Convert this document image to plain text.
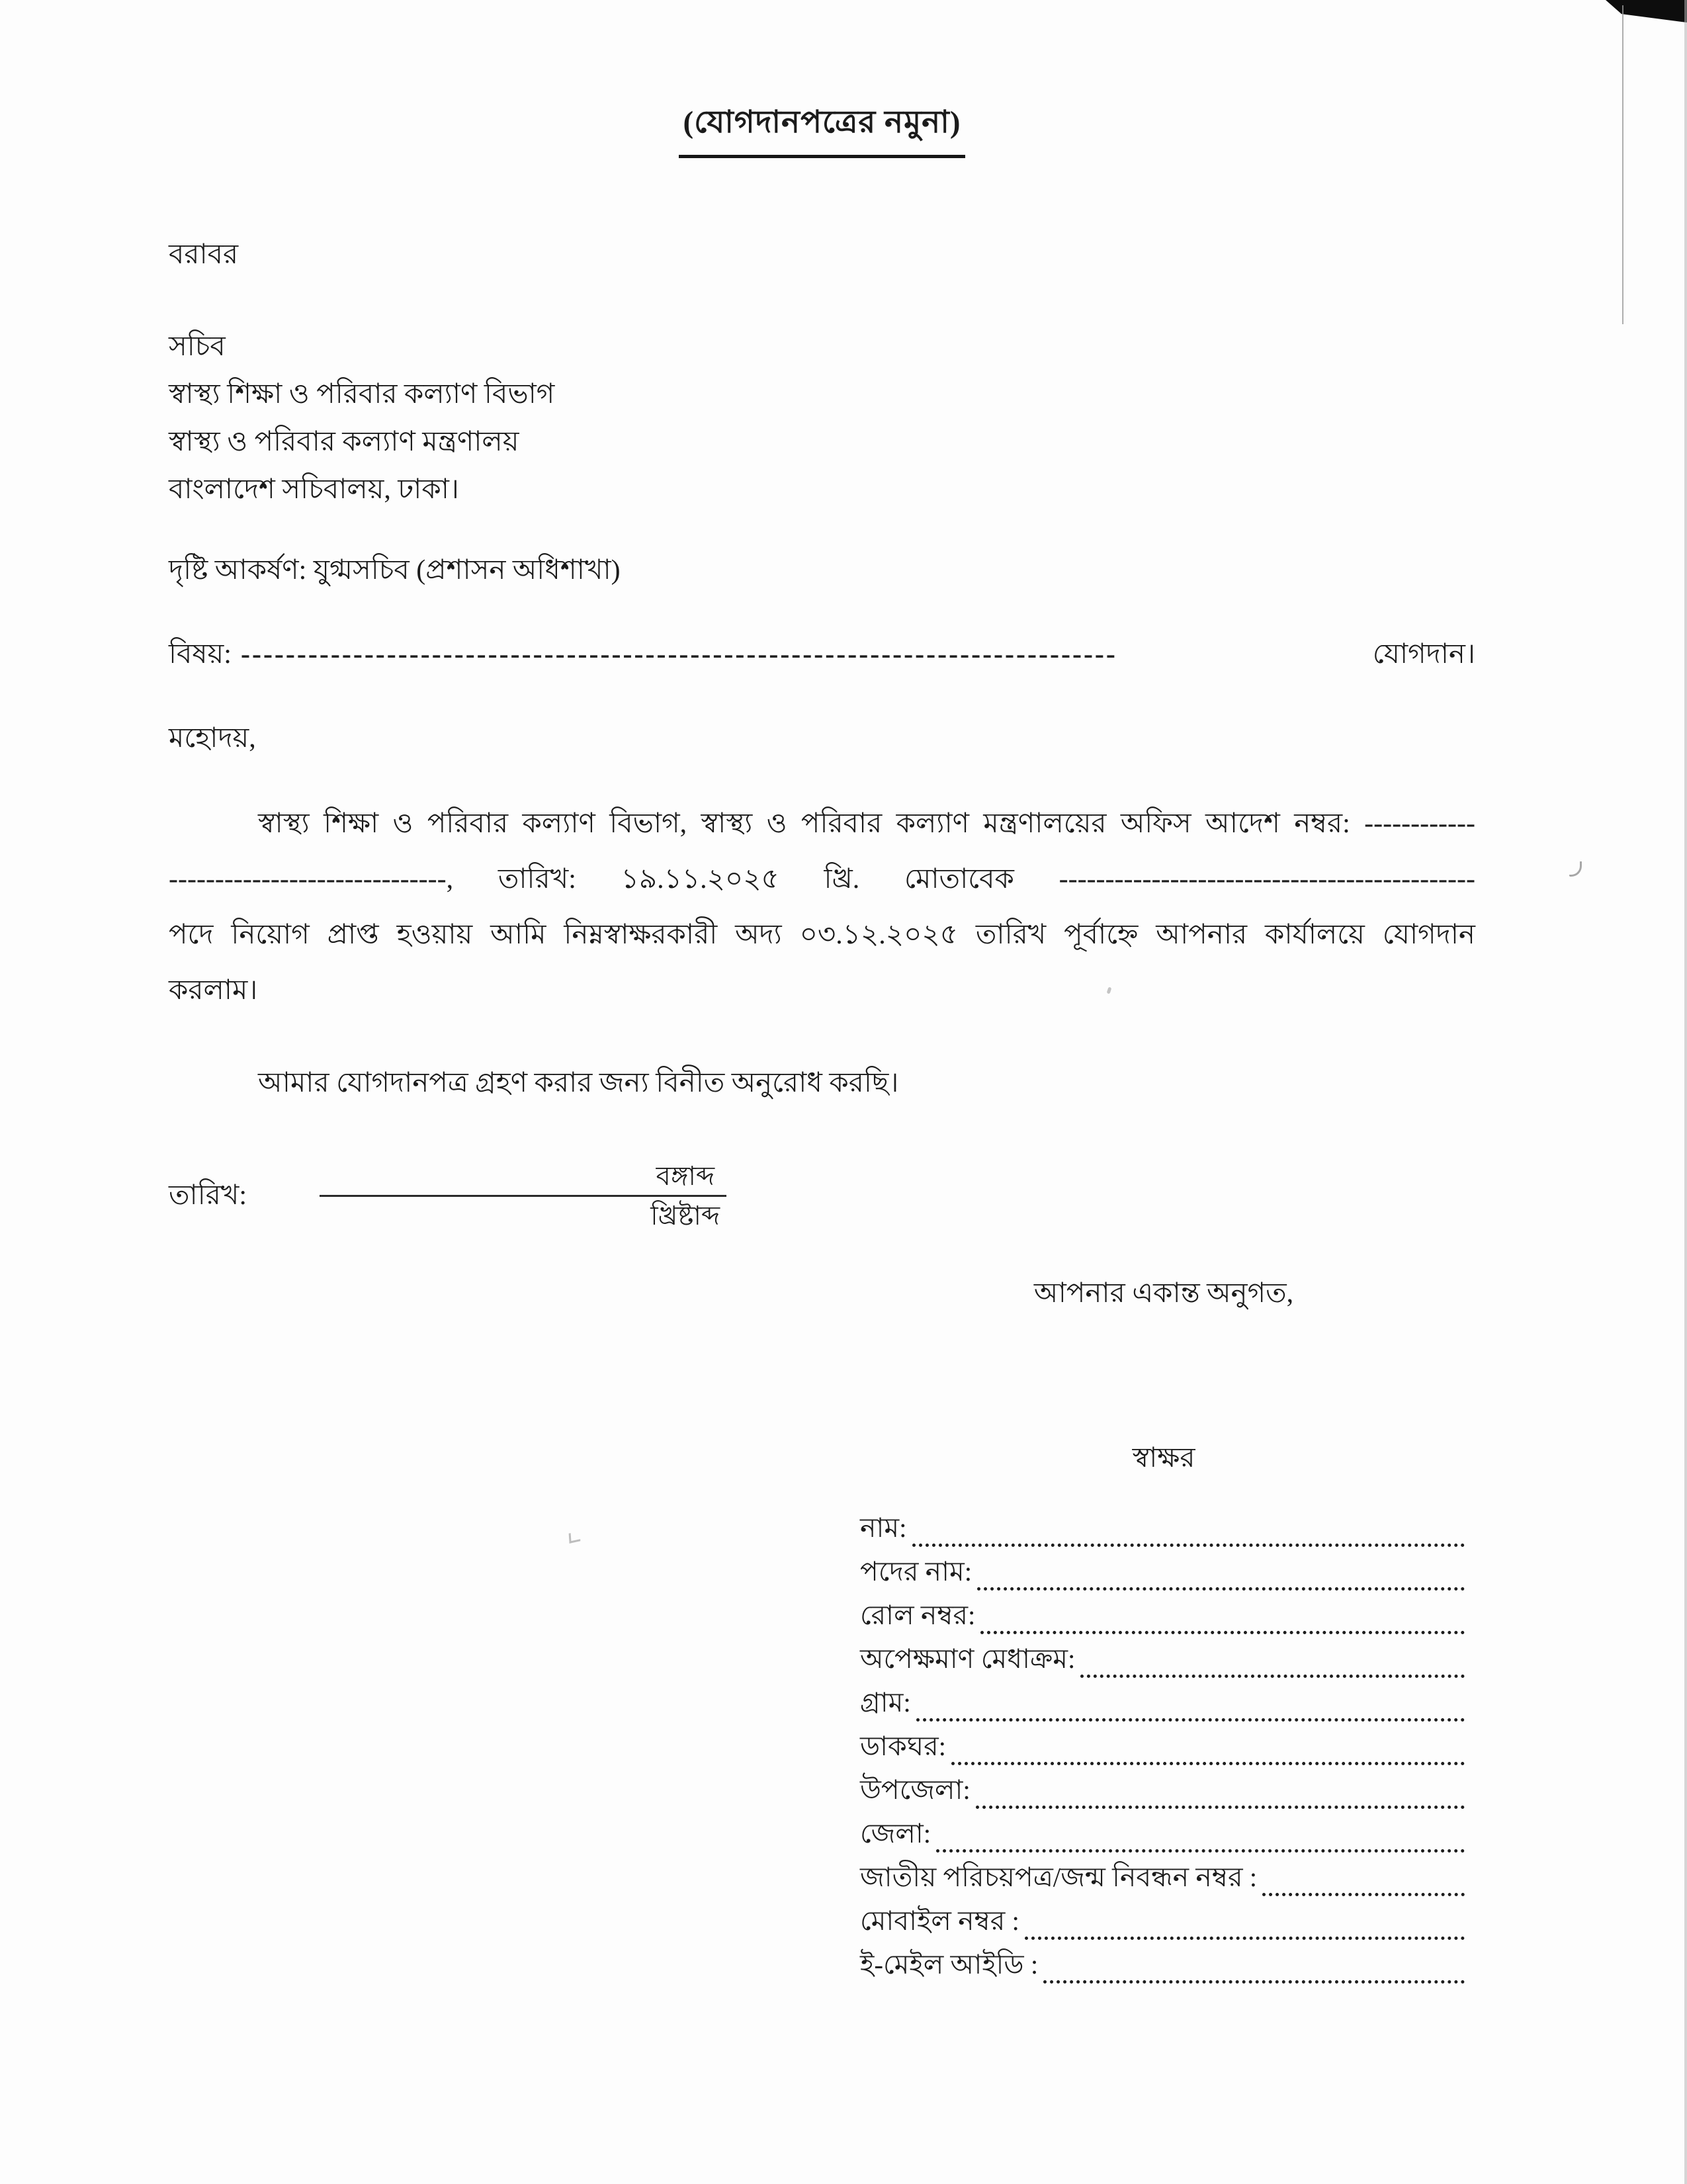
(যোগদানপত্রের নমুনা)
বরাবর
সচিব
স্বাস্থ্য শিক্ষা ও পরিবার কল্যাণ বিভাগ
স্বাস্থ্য ও পরিবার কল্যাণ মন্ত্রণালয়
বাংলাদেশ সচিবালয়, ঢাকা।
দৃষ্টি আকর্ষণ: যুগ্মসচিব (প্রশাসন অধিশাখা)
বিষয়: ------------------------------------------------------------------------------	যোগদান।
মহোদয়,
স্বাস্থ্য শিক্ষা ও পরিবার কল্যাণ বিভাগ, স্বাস্থ্য ও পরিবার কল্যাণ মন্ত্রণালয়ের অফিস আদেশ নম্বর: ------------
------------------------------, তারিখ: ১৯.১১.২০২৫ খ্রি. মোতাবেক ---------------------------------------------
পদে নিয়োগ প্রাপ্ত হওয়ায় আমি নিম্নস্বাক্ষরকারী অদ্য ০৩.১২.২০২৫ তারিখ পূর্বাহ্নে আপনার কার্যালয়ে যোগদান
করলাম।
আমার যোগদানপত্র গ্রহণ করার জন্য বিনীত অনুরোধ করছি।
তারিখ:
বঙ্গাব্দ
খ্রিষ্টাব্দ
আপনার একান্ত অনুগত,
স্বাক্ষর
নাম:
পদের নাম:
রোল নম্বর:
অপেক্ষমাণ মেধাক্রম:
গ্রাম:
ডাকঘর:
উপজেলা:
জেলা:
জাতীয় পরিচয়পত্র/জন্ম নিবন্ধন নম্বর :
মোবাইল নম্বর :
ই-মেইল আইডি :
